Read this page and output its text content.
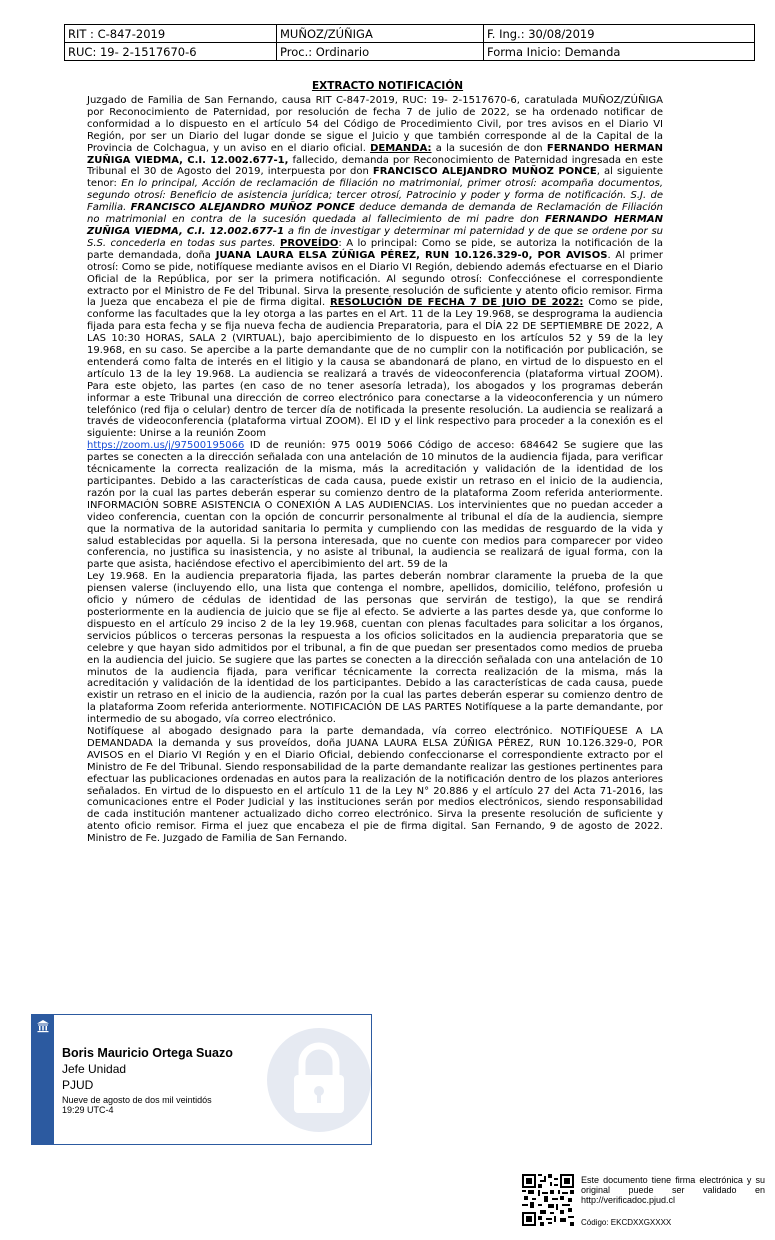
RIT : C-847-2019	MUÑOZ/ZÚÑIGA	F. Ing.: 30/08/2019
RUC: 19- 2-1517670-6	Proc.: Ordinario	Forma Inicio: Demanda
EXTRACTO NOTIFICACIÓN
Juzgado de Familia de San Fernando, causa RIT C-847-2019, RUC: 19- 2-1517670-6, caratulada MUÑOZ/ZÚÑIGA por Reconocimiento de Paternidad, por resolución de fecha 7 de julio de 2022, se ha ordenado notificar de conformidad a lo dispuesto en el artículo 54 del Código de Procedimiento Civil, por tres avisos en el Diario VI Región, por ser un Diario del lugar donde se sigue el Juicio y que también corresponde al de la Capital de la Provincia de Colchagua, y un aviso en el diario oficial. DEMANDA: a la sucesión de don FERNANDO HERMAN ZUÑIGA VIEDMA, C.I. 12.002.677-1, fallecido, demanda por Reconocimiento de Paternidad ingresada en este Tribunal el 30 de Agosto del 2019, interpuesta por don FRANCISCO ALEJANDRO MUÑOZ PONCE, al siguiente tenor: En lo principal, Acción de reclamación de filiación no matrimonial, primer otrosí: acompaña documentos, segundo otrosí: Beneficio de asistencia jurídica; tercer otrosí, Patrocinio y poder y forma de notificación. S.J. de Familia. FRANCISCO ALEJANDRO MUÑOZ PONCE deduce demanda de demanda de Reclamación de Filiación no matrimonial en contra de la sucesión quedada al fallecimiento de mi padre don FERNANDO HERMAN ZUÑIGA VIEDMA, C.I. 12.002.677-1 a fin de investigar y determinar mi paternidad y de que se ordene por su S.S. concederla en todas sus partes. PROVEÍDO: A lo principal: Como se pide, se autoriza la notificación de la parte demandada, doña JUANA LAURA ELSA ZÚÑIGA PÉREZ, RUN 10.126.329-0, POR AVISOS. Al primer otrosí: Como se pide, notifíquese mediante avisos en el Diario VI Región, debiendo además efectuarse en el Diario Oficial de la República, por ser la primera notificación. Al segundo otrosí: Confecciónese el correspondiente extracto por el Ministro de Fe del Tribunal. Sirva la presente resolución de suficiente y atento oficio remisor. Firma la Jueza que encabeza el pie de firma digital. RESOLUCIÓN DE FECHA 7 DE JUIO DE 2022: Como se pide, conforme las facultades que la ley otorga a las partes en el Art. 11 de la Ley 19.968, se desprograma la audiencia fijada para esta fecha y se fija nueva fecha de audiencia Preparatoria, para el DÍA 22 DE SEPTIEMBRE DE 2022, A LAS 10:30 HORAS, SALA 2 (VIRTUAL), bajo apercibimiento de lo dispuesto en los artículos 52 y 59 de la ley 19.968, en su caso. Se apercibe a la parte demandante que de no cumplir con la notificación por publicación, se entenderá como falta de interés en el litigio y la causa se abandonará de plano, en virtud de lo dispuesto en el artículo 13 de la ley 19.968. La audiencia se realizará a través de videoconferencia (plataforma virtual ZOOM). Para este objeto, las partes (en caso de no tener asesoría letrada), los abogados y los programas deberán informar a este Tribunal una dirección de correo electrónico para conectarse a la videoconferencia y un número telefónico (red fija o celular) dentro de tercer día de notificada la presente resolución. La audiencia se realizará a través de videoconferencia (plataforma virtual ZOOM). El ID y el link respectivo para proceder a la conexión es el siguiente: Unirse a la reunión Zoom
https://zoom.us/j/97500195066 ID de reunión: 975 0019 5066 Código de acceso: 684642 Se sugiere que las partes se conecten a la dirección señalada con una antelación de 10 minutos de la audiencia fijada, para verificar técnicamente la correcta realización de la misma, más la acreditación y validación de la identidad de los participantes. Debido a las características de cada causa, puede existir un retraso en el inicio de la audiencia, razón por la cual las partes deberán esperar su comienzo dentro de la plataforma Zoom referida anteriormente. INFORMACIÓN SOBRE ASISTENCIA O CONEXIÓN A LAS AUDIENCIAS. Los intervinientes que no puedan acceder a video conferencia, cuentan con la opción de concurrir personalmente al tribunal el día de la audiencia, siempre que la normativa de la autoridad sanitaria lo permita y cumpliendo con las medidas de resguardo de la vida y salud establecidas por aquella. Si la persona interesada, que no cuente con medios para comparecer por video conferencia, no justifica su inasistencia, y no asiste al tribunal, la audiencia se realizará de igual forma, con la parte que asista, haciéndose efectivo el apercibimiento del art. 59 de la
Ley 19.968. En la audiencia preparatoria fijada, las partes deberán nombrar claramente la prueba de la que piensen valerse (incluyendo ello, una lista que contenga el nombre, apellidos, domicilio, teléfono, profesión u oficio y número de cédulas de identidad de las personas que servirán de testigo), la que se rendirá posteriormente en la audiencia de juicio que se fije al efecto. Se advierte a las partes desde ya, que conforme lo dispuesto en el artículo 29 inciso 2 de la ley 19.968, cuentan con plenas facultades para solicitar a los órganos, servicios públicos o terceras personas la respuesta a los oficios solicitados en la audiencia preparatoria que se celebre y que hayan sido admitidos por el tribunal, a fin de que puedan ser presentados como medios de prueba en la audiencia del juicio. Se sugiere que las partes se conecten a la dirección señalada con una antelación de 10 minutos de la audiencia fijada, para verificar técnicamente la correcta realización de la misma, más la acreditación y validación de la identidad de los participantes. Debido a las características de cada causa, puede existir un retraso en el inicio de la audiencia, razón por la cual las partes deberán esperar su comienzo dentro de la plataforma Zoom referida anteriormente. NOTIFICACIÓN DE LAS PARTES Notifíquese a la parte demandante, por intermedio de su abogado, vía correo electrónico.
Notifíquese al abogado designado para la parte demandada, vía correo electrónico. NOTIFÍQUESE A LA DEMANDADA la demanda y sus proveídos, doña JUANA LAURA ELSA ZÚÑIGA PÉREZ, RUN 10.126.329-0, POR AVISOS en el Diario VI Región y en el Diario Oficial, debiendo confeccionarse el correspondiente extracto por el Ministro de Fe del Tribunal. Siendo responsabilidad de la parte demandante realizar las gestiones pertinentes para efectuar las publicaciones ordenadas en autos para la realización de la notificación dentro de los plazos anteriores señalados. En virtud de lo dispuesto en el artículo 11 de la Ley N° 20.886 y el artículo 27 del Acta 71-2016, las comunicaciones entre el Poder Judicial y las instituciones serán por medios electrónicos, siendo responsabilidad de cada institución mantener actualizado dicho correo electrónico. Sirva la presente resolución de suficiente y atento oficio remisor. Firma el juez que encabeza el pie de firma digital. San Fernando, 9 de agosto de 2022. Ministro de Fe. Juzgado de Familia de San Fernando.
Boris Mauricio Ortega Suazo
Jefe Unidad
PJUD
Nueve de agosto de dos mil veintidós
19:29 UTC-4
Este documento tiene firma electrónica y su original puede ser validado en http://verificadoc.pjud.cl
Código: EKCDXXGXXXX
